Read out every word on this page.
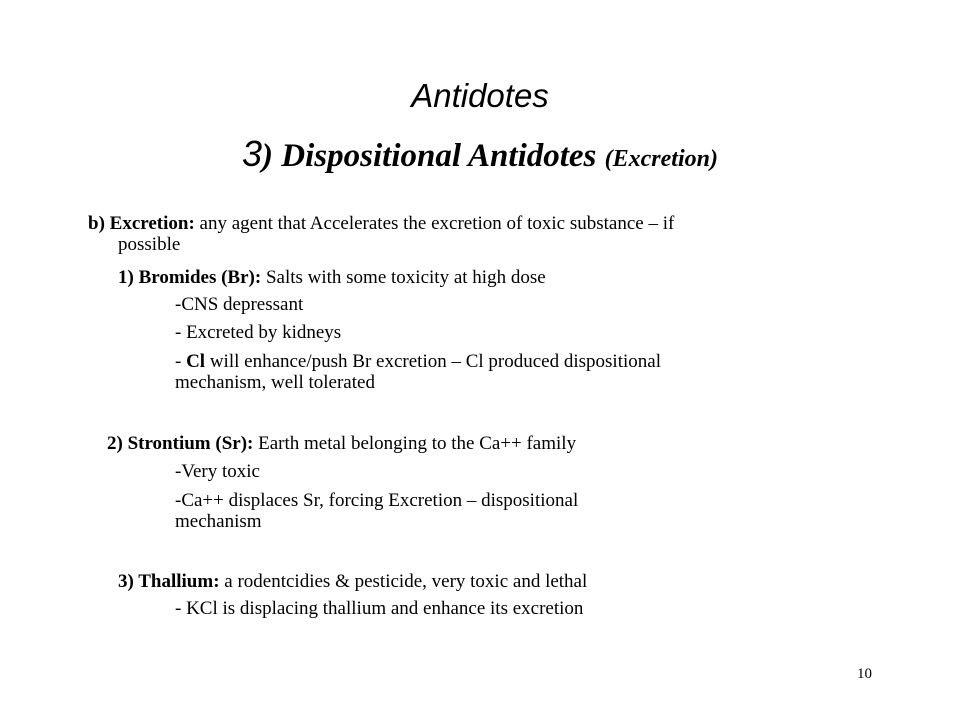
Antidotes
3) Dispositional Antidotes (Excretion)
b) Excretion: any agent that Accelerates the excretion of toxic substance – if
possible
1) Bromides (Br): Salts with some toxicity at high dose
-CNS depressant
- Excreted by kidneys
- Cl will enhance/push Br excretion – Cl produced dispositional
mechanism, well tolerated
2) Strontium (Sr): Earth metal belonging to the Ca++ family
-Very toxic
-Ca++ displaces Sr, forcing Excretion – dispositional
mechanism
3) Thallium: a rodentcidies & pesticide, very toxic and lethal
- KCl is displacing thallium and enhance its excretion
10
